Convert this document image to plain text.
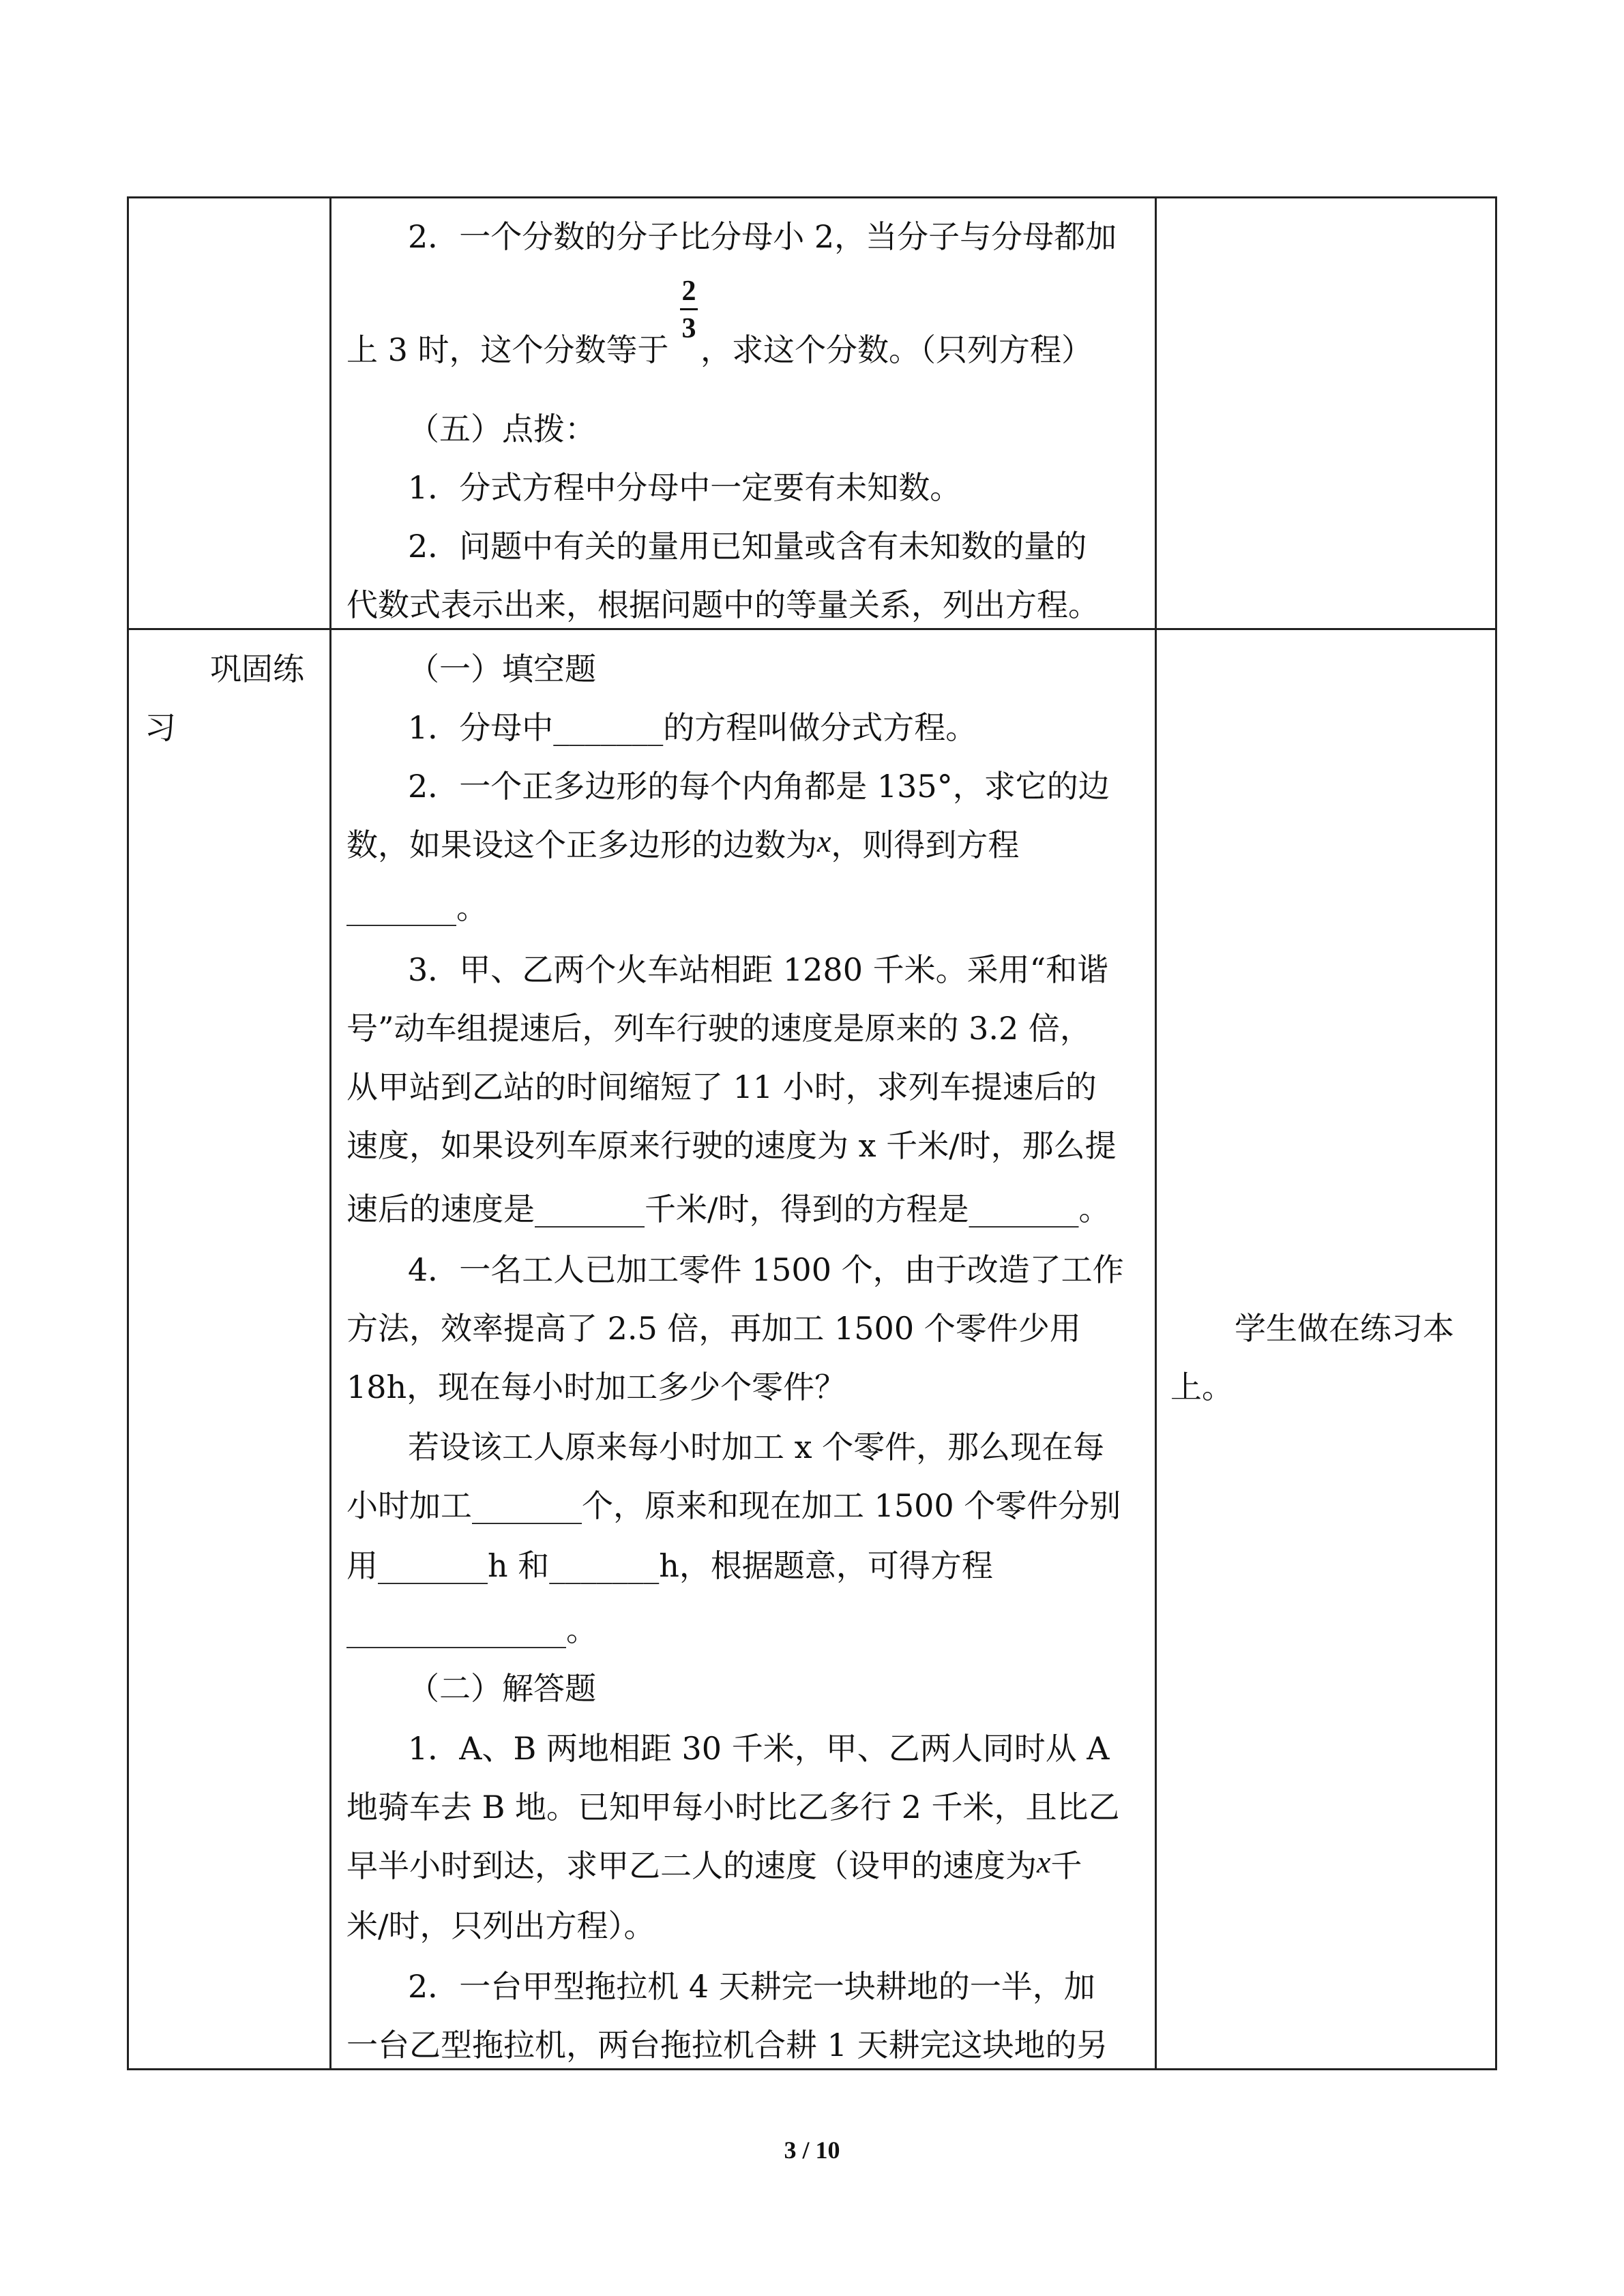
2．一个分数的分子比分母小 2，当分子与分母都加
上 3 时，这个分数等于
2
3
，求这个分数。（只列方程）
（五）点拨：
1．分式方程中分母中一定要有未知数。
2．问题中有关的量用已知量或含有未知数的量的
代数式表示出来，根据问题中的等量关系，列出方程。
巩固练
习
（一）填空题
1．分母中_______的方程叫做分式方程。
2．一个正多边形的每个内角都是 135°，求它的边
数，如果设这个正多边形的边数为x，则得到方程
_______。
3．甲、乙两个火车站相距 1280 千米。采用“和谐
号”动车组提速后，列车行驶的速度是原来的 3.2 倍，
从甲站到乙站的时间缩短了 11 小时，求列车提速后的
速度，如果设列车原来行驶的速度为 x 千米/时，那么提
速后的速度是_______千米/时，得到的方程是_______。
4．一名工人已加工零件 1500 个，由于改造了工作
方法，效率提高了 2.5 倍，再加工 1500 个零件少用
18h，现在每小时加工多少个零件？
若设该工人原来每小时加工 x 个零件，那么现在每
小时加工_______个，原来和现在加工 1500 个零件分别
用_______h 和_______h，根据题意，可得方程
______________。
（二）解答题
1．A、B 两地相距 30 千米，甲、乙两人同时从 A
地骑车去 B 地。已知甲每小时比乙多行 2 千米，且比乙
早半小时到达，求甲乙二人的速度（设甲的速度为x千
米/时，只列出方程）。
2．一台甲型拖拉机 4 天耕完一块耕地的一半，加
一台乙型拖拉机，两台拖拉机合耕 1 天耕完这块地的另
学生做在练习本
上。
3 / 10
